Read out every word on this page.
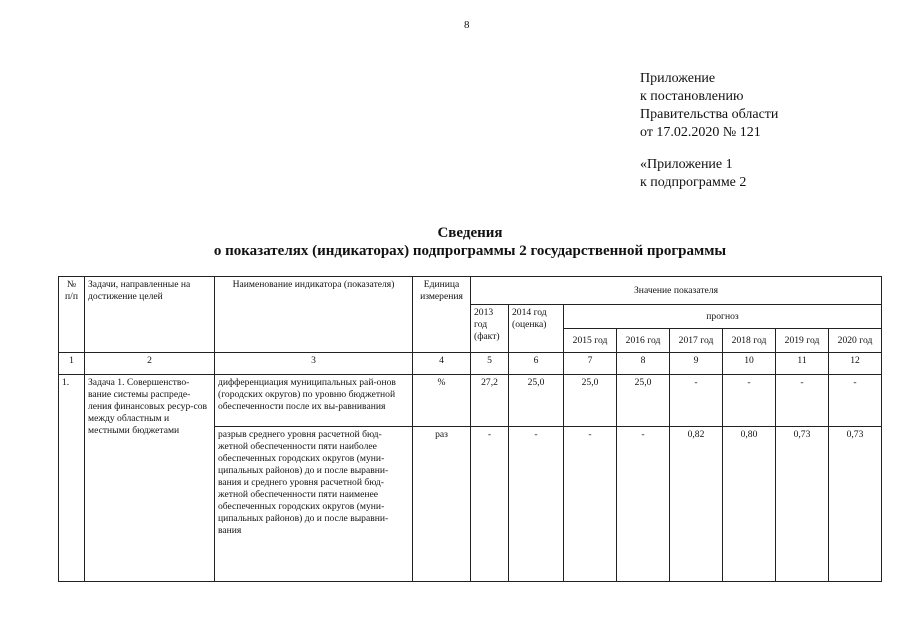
8
Приложение
к постановлению
Правительства области
от 17.02.2020 № 121
«Приложение 1
к подпрограмме 2
Сведения
о показателях (индикаторах) подпрограммы 2 государственной программы
№ п/п	Задачи, направленные на достижение целей	Наименование индикатора (показателя)	Единица измерения	Значение показателя							
				2013 год (факт)	2014 год (оценка)	прогноз					
						2015 год	2016 год	2017 год	2018 год	2019 год	2020 год
1	2	3	4	5	6	7	8	9	10	11	12
1.	Задача 1. Совершенство-вание системы распреде-ления финансовых ресур-сов между областным и местными бюджетами	дифференциация муниципальных рай-онов (городских округов) по уровню бюджетной обеспеченности после их вы-равнивания	%	27,2	25,0	25,0	25,0	-	-	-	-
		разрыв среднего уровня расчетной бюд-жетной обеспеченности пяти наиболее обеспеченных городских округов (муни-ципальных районов) до и после выравни-вания и среднего уровня расчетной бюд-жетной обеспеченности пяти наименее обеспеченных городских округов (муни-ципальных районов) до и после выравни-вания	раз	-	-	-	-	0,82	0,80	0,73	0,73
